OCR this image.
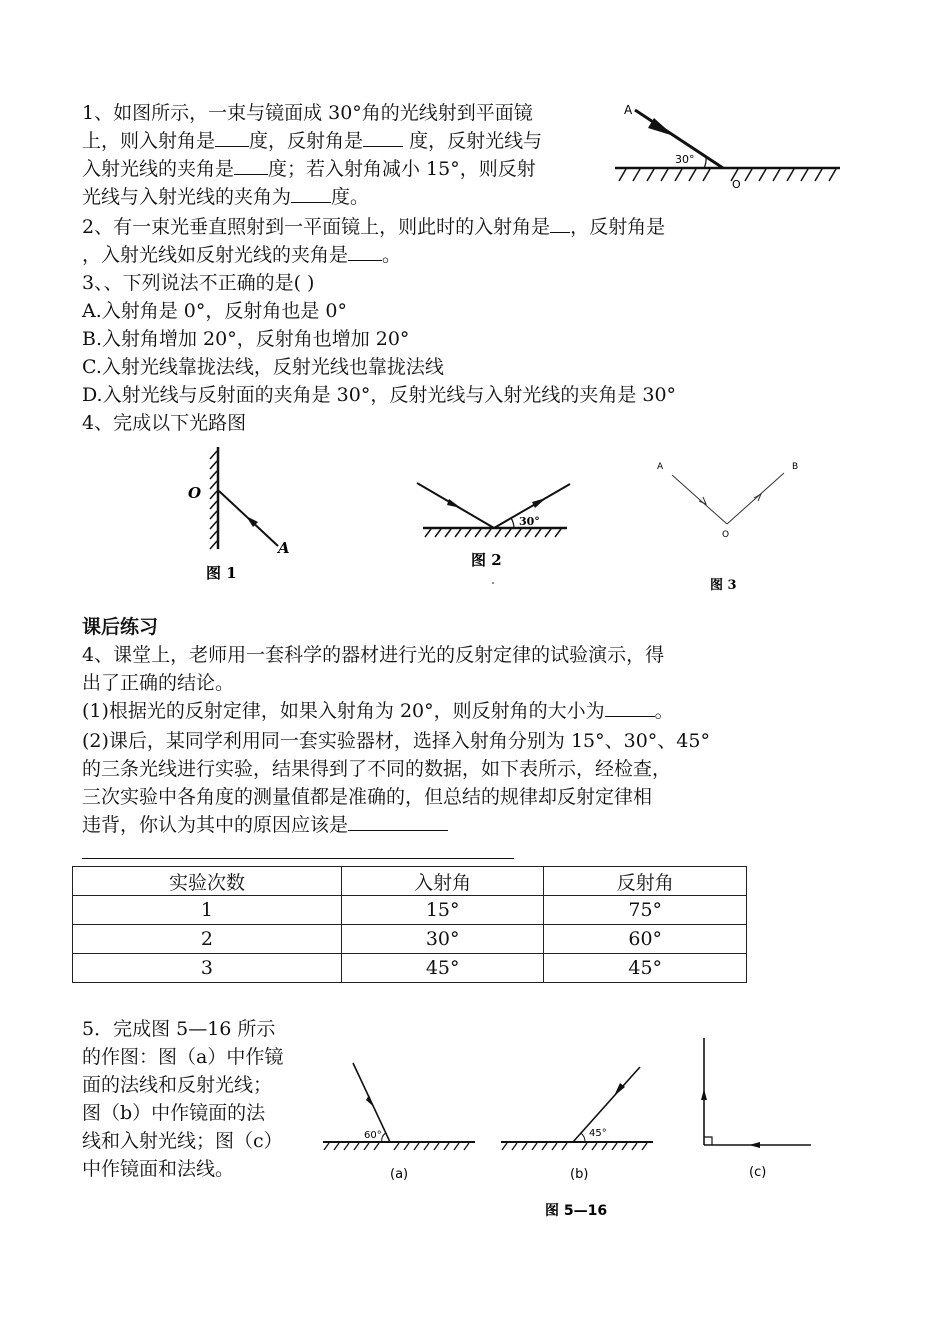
1、如图所示，一束与镜面成 30°角的光线射到平面镜

上，则入射角是 度，反射角是 度，反射光线与

入射光线的夹角是 度；若入射角减小 15°，则反射

光线与入射光线的夹角为 度。

A
30°
O

2、有一束光垂直照射到一平面镜上，则此时的入射角是 ，反射角是

，入射光线如反射光线的夹角是 。

3、、下列说法不正确的是( )

A.入射角是 0°，反射角也是 0°

B.入射角增加 20°，反射角也增加 20°

C.入射光线靠拢法线，反射光线也靠拢法线

D.入射光线与反射面的夹角是 30°，反射光线与入射光线的夹角是 30°

4、完成以下光路图

O
A
图 1
30°
图 2
A	B
O
图 3

课后练习

4、课堂上，老师用一套科学的器材进行光的反射定律的试验演示，得

出了正确的结论。

(1)根据光的反射定律，如果入射角为 20°，则反射角的大小为	。

(2)课后，某同学利用同一套实验器材，选择入射角分别为 15°、30°、45°

的三条光线进行实验，结果得到了不同的数据，如下表所示，经检查，

三次实验中各角度的测量值都是准确的，但总结的规律却反射定律相

违背，你认为其中的原因应该是

实验次数	入射角	反射角
1	15°	75°
2	30°	60°
3	45°	45°

5．完成图 5—16 所示

的作图：图（a）中作镜

面的法线和反射光线；

图（b）中作镜面的法

线和入射光线；图（c）

中作镜面和法线。

60°
(a)
45°
(b)	(c)
图 5—16
